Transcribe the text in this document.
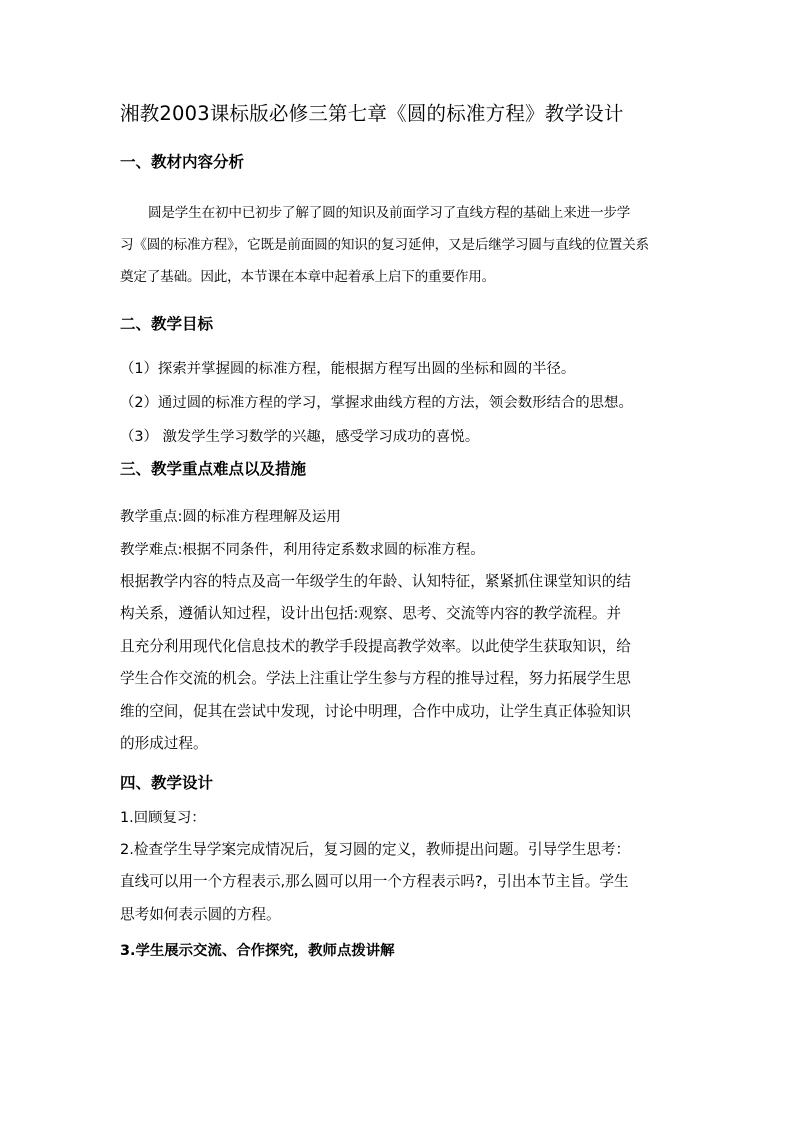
湘教2003课标版必修三第七章《圆的标准方程》教学设计
一、教材内容分析
圆是学生在初中已初步了解了圆的知识及前面学习了直线方程的基础上来进一步学
习《圆的标准方程》，它既是前面圆的知识的复习延伸，又是后继学习圆与直线的位置关系
奠定了基础。因此，本节课在本章中起着承上启下的重要作用。
二、教学目标
（1）探索并掌握圆的标准方程，能根据方程写出圆的坐标和圆的半径。
（2）通过圆的标准方程的学习，掌握求曲线方程的方法，领会数形结合的思想。
（3） 激发学生学习数学的兴趣，感受学习成功的喜悦。
三、教学重点难点以及措施
教学重点:圆的标准方程理解及运用
教学难点:根据不同条件，利用待定系数求圆的标准方程。
根据教学内容的特点及高一年级学生的年龄、认知特征，紧紧抓住课堂知识的结
构关系，遵循认知过程，设计出包括:观察、思考、交流等内容的教学流程。并
且充分利用现代化信息技术的教学手段提高教学效率。以此使学生获取知识，给
学生合作交流的机会。学法上注重让学生参与方程的推导过程，努力拓展学生思
维的空间，促其在尝试中发现，讨论中明理，合作中成功，让学生真正体验知识
的形成过程。
四、教学设计
1.回顾复习：
2.检查学生导学案完成情况后，复习圆的定义，教师提出问题。引导学生思考：
直线可以用一个方程表示,那么圆可以用一个方程表示吗?，引出本节主旨。学生
思考如何表示圆的方程。
3.学生展示交流、合作探究，教师点拨讲解
